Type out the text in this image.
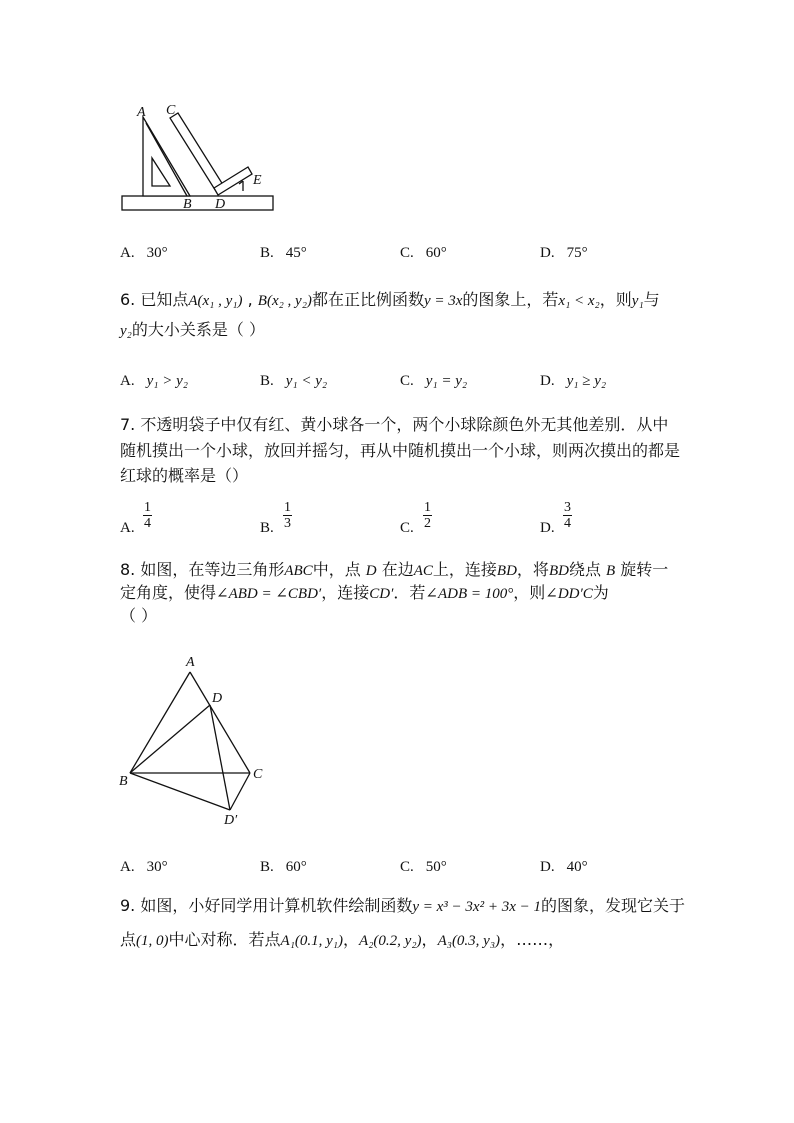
A C
E
B D
A. 30°	B. 45°	C. 60°	D. 75°
6. 已知点A(x₁ , y₁) , B(x₂ , y₂)都在正比例函数y = 3x的图象上，若x₁ < x₂，则y₁与
y₂的大小关系是（ ）
A. y₁ > y₂	B. y₁ < y₂	C. y₁ = y₂	D. y₁ ≥ y₂
7. 不透明袋子中仅有红、黄小球各一个，两个小球除颜色外无其他差别．从中
随机摸出一个小球，放回并摇匀，再从中随机摸出一个小球，则两次摸出的都是
红球的概率是（）
A. $\frac{1}{4}$	B. $\frac{1}{3}$	C. $\frac{1}{2}$	D. $\frac{3}{4}$
8. 如图，在等边三角形ABC中，点 D 在边AC上，连接BD，将BD绕点 B 旋转一
定角度，使得∠ABD = ∠CBD′，连接CD′．若∠ADB = 100°，则∠DD′C为
（ ）
A
D
B	C
D′
A. 30°	B. 60°	C. 50°	D. 40°
9. 如图，小好同学用计算机软件绘制函数y = x³ − 3x² + 3x − 1的图象，发现它关于
点(1, 0)中心对称．若点A₁(0.1, y₁)，A₂(0.2, y₂)，A₃(0.3, y₃)，……，
